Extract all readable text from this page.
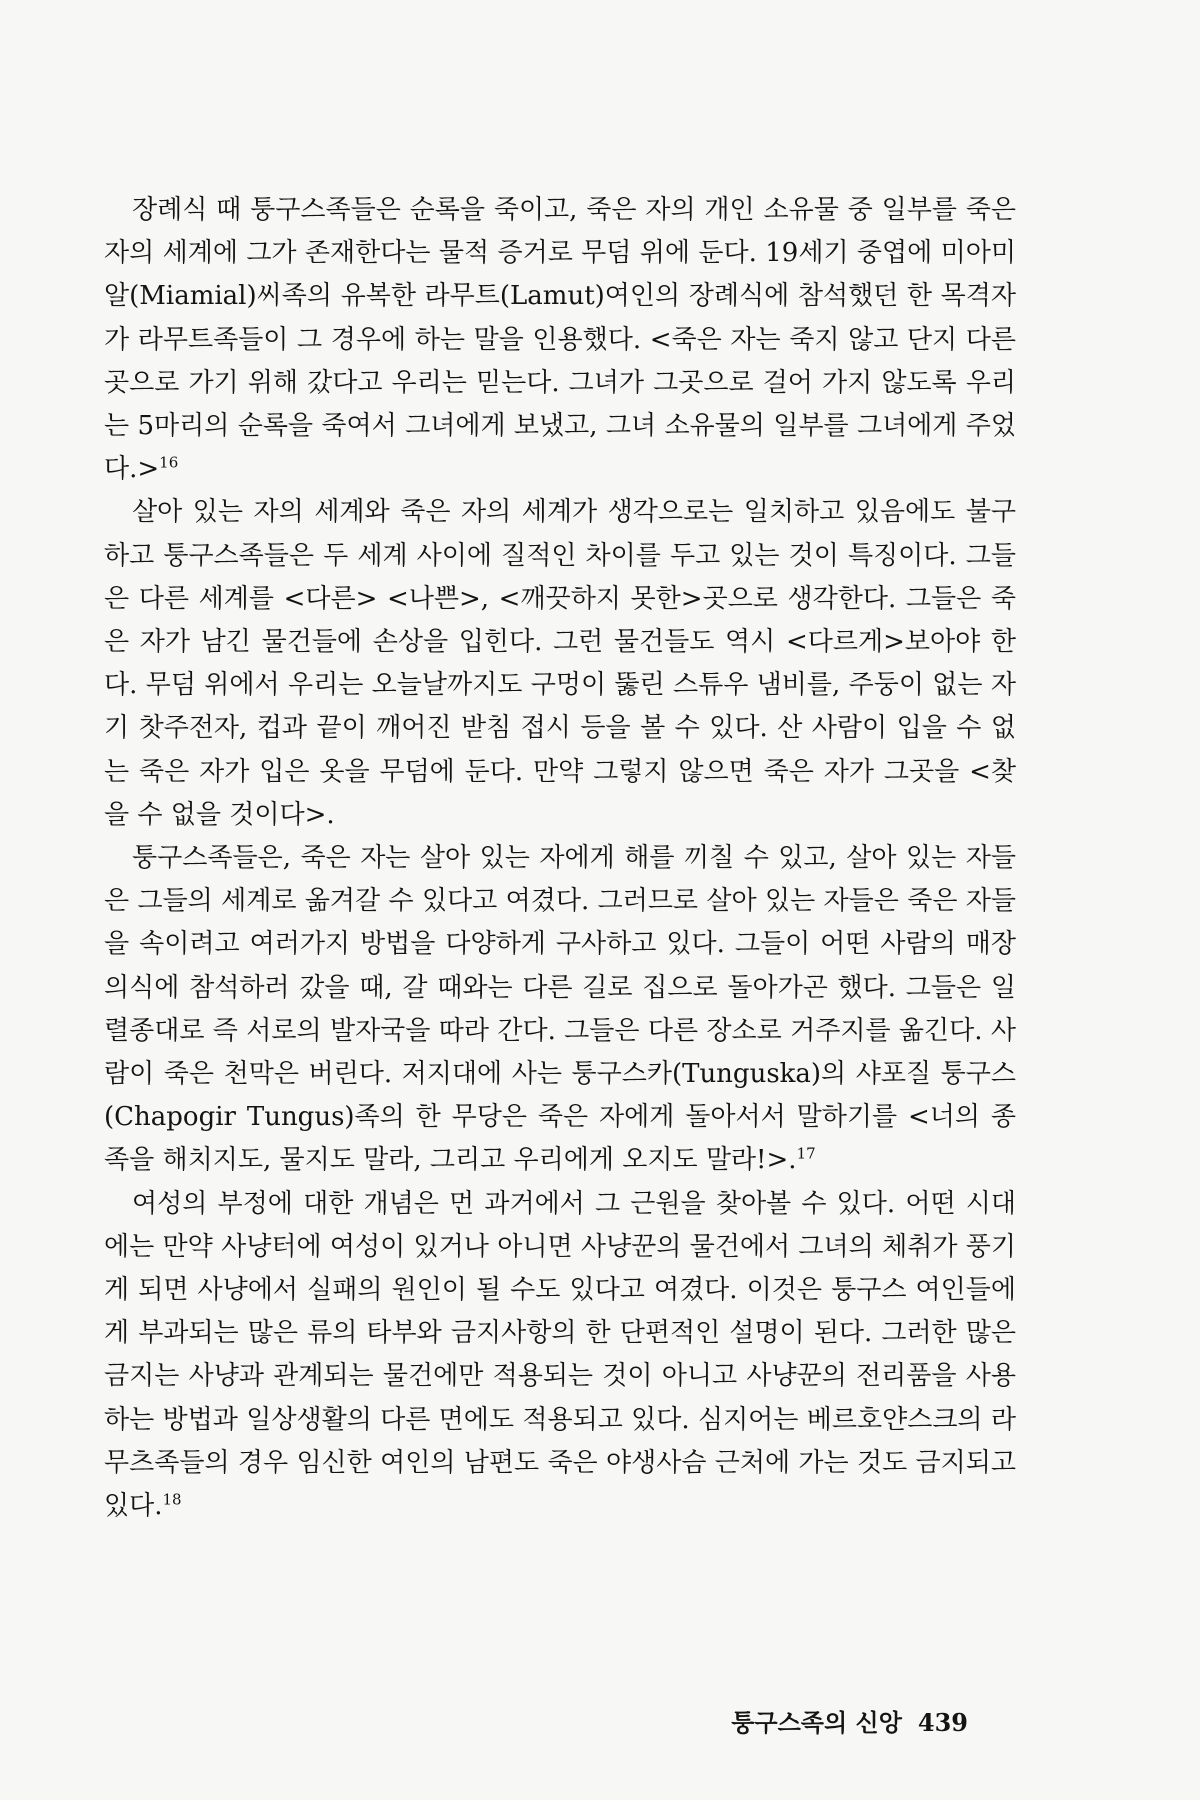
장례식 때 퉁구스족들은 순록을 죽이고, 죽은 자의 개인 소유물 중 일부를 죽은 자의 세계에 그가 존재한다는 물적 증거로 무덤 위에 둔다. 19세기 중엽에 미아미알(Miamial)씨족의 유복한 라무트(Lamut)여인의 장례식에 참석했던 한 목격자가 라무트족들이 그 경우에 하는 말을 인용했다. <죽은 자는 죽지 않고 단지 다른 곳으로 가기 위해 갔다고 우리는 믿는다. 그녀가 그곳으로 걸어 가지 않도록 우리는 5마리의 순록을 죽여서 그녀에게 보냈고, 그녀 소유물의 일부를 그녀에게 주었다.>$^{16}$

살아 있는 자의 세계와 죽은 자의 세계가 생각으로는 일치하고 있음에도 불구하고 퉁구스족들은 두 세계 사이에 질적인 차이를 두고 있는 것이 특징이다. 그들은 다른 세계를 <다른> <나쁜>, <깨끗하지 못한>곳으로 생각한다. 그들은 죽은 자가 남긴 물건들에 손상을 입힌다. 그런 물건들도 역시 <다르게>보아야 한다. 무덤 위에서 우리는 오늘날까지도 구멍이 뚫린 스튜우 냄비를, 주둥이 없는 자기 찻주전자, 컵과 끝이 깨어진 받침 접시 등을 볼 수 있다. 산 사람이 입을 수 없는 죽은 자가 입은 옷을 무덤에 둔다. 만약 그렇지 않으면 죽은 자가 그곳을 <찾을 수 없을 것이다>.

퉁구스족들은, 죽은 자는 살아 있는 자에게 해를 끼칠 수 있고, 살아 있는 자들은 그들의 세계로 옮겨갈 수 있다고 여겼다. 그러므로 살아 있는 자들은 죽은 자들을 속이려고 여러가지 방법을 다양하게 구사하고 있다. 그들이 어떤 사람의 매장의식에 참석하러 갔을 때, 갈 때와는 다른 길로 집으로 돌아가곤 했다. 그들은 일렬종대로 즉 서로의 발자국을 따라 간다. 그들은 다른 장소로 거주지를 옮긴다. 사람이 죽은 천막은 버린다. 저지대에 사는 퉁구스카(Tunguska)의 샤포질 퉁구스(Chapogir Tungus)족의 한 무당은 죽은 자에게 돌아서서 말하기를 <너의 종족을 해치지도, 물지도 말라, 그리고 우리에게 오지도 말라!>.$^{17}$

여성의 부정에 대한 개념은 먼 과거에서 그 근원을 찾아볼 수 있다. 어떤 시대에는 만약 사냥터에 여성이 있거나 아니면 사냥꾼의 물건에서 그녀의 체취가 풍기게 되면 사냥에서 실패의 원인이 될 수도 있다고 여겼다. 이것은 퉁구스 여인들에게 부과되는 많은 류의 타부와 금지사항의 한 단편적인 설명이 된다. 그러한 많은 금지는 사냥과 관계되는 물건에만 적용되는 것이 아니고 사냥꾼의 전리품을 사용하는 방법과 일상생활의 다른 면에도 적용되고 있다. 심지어는 베르호얀스크의 라무츠족들의 경우 임신한 여인의 남편도 죽은 야생사슴 근처에 가는 것도 금지되고 있다.$^{18}$

퉁구스족의 신앙 439
